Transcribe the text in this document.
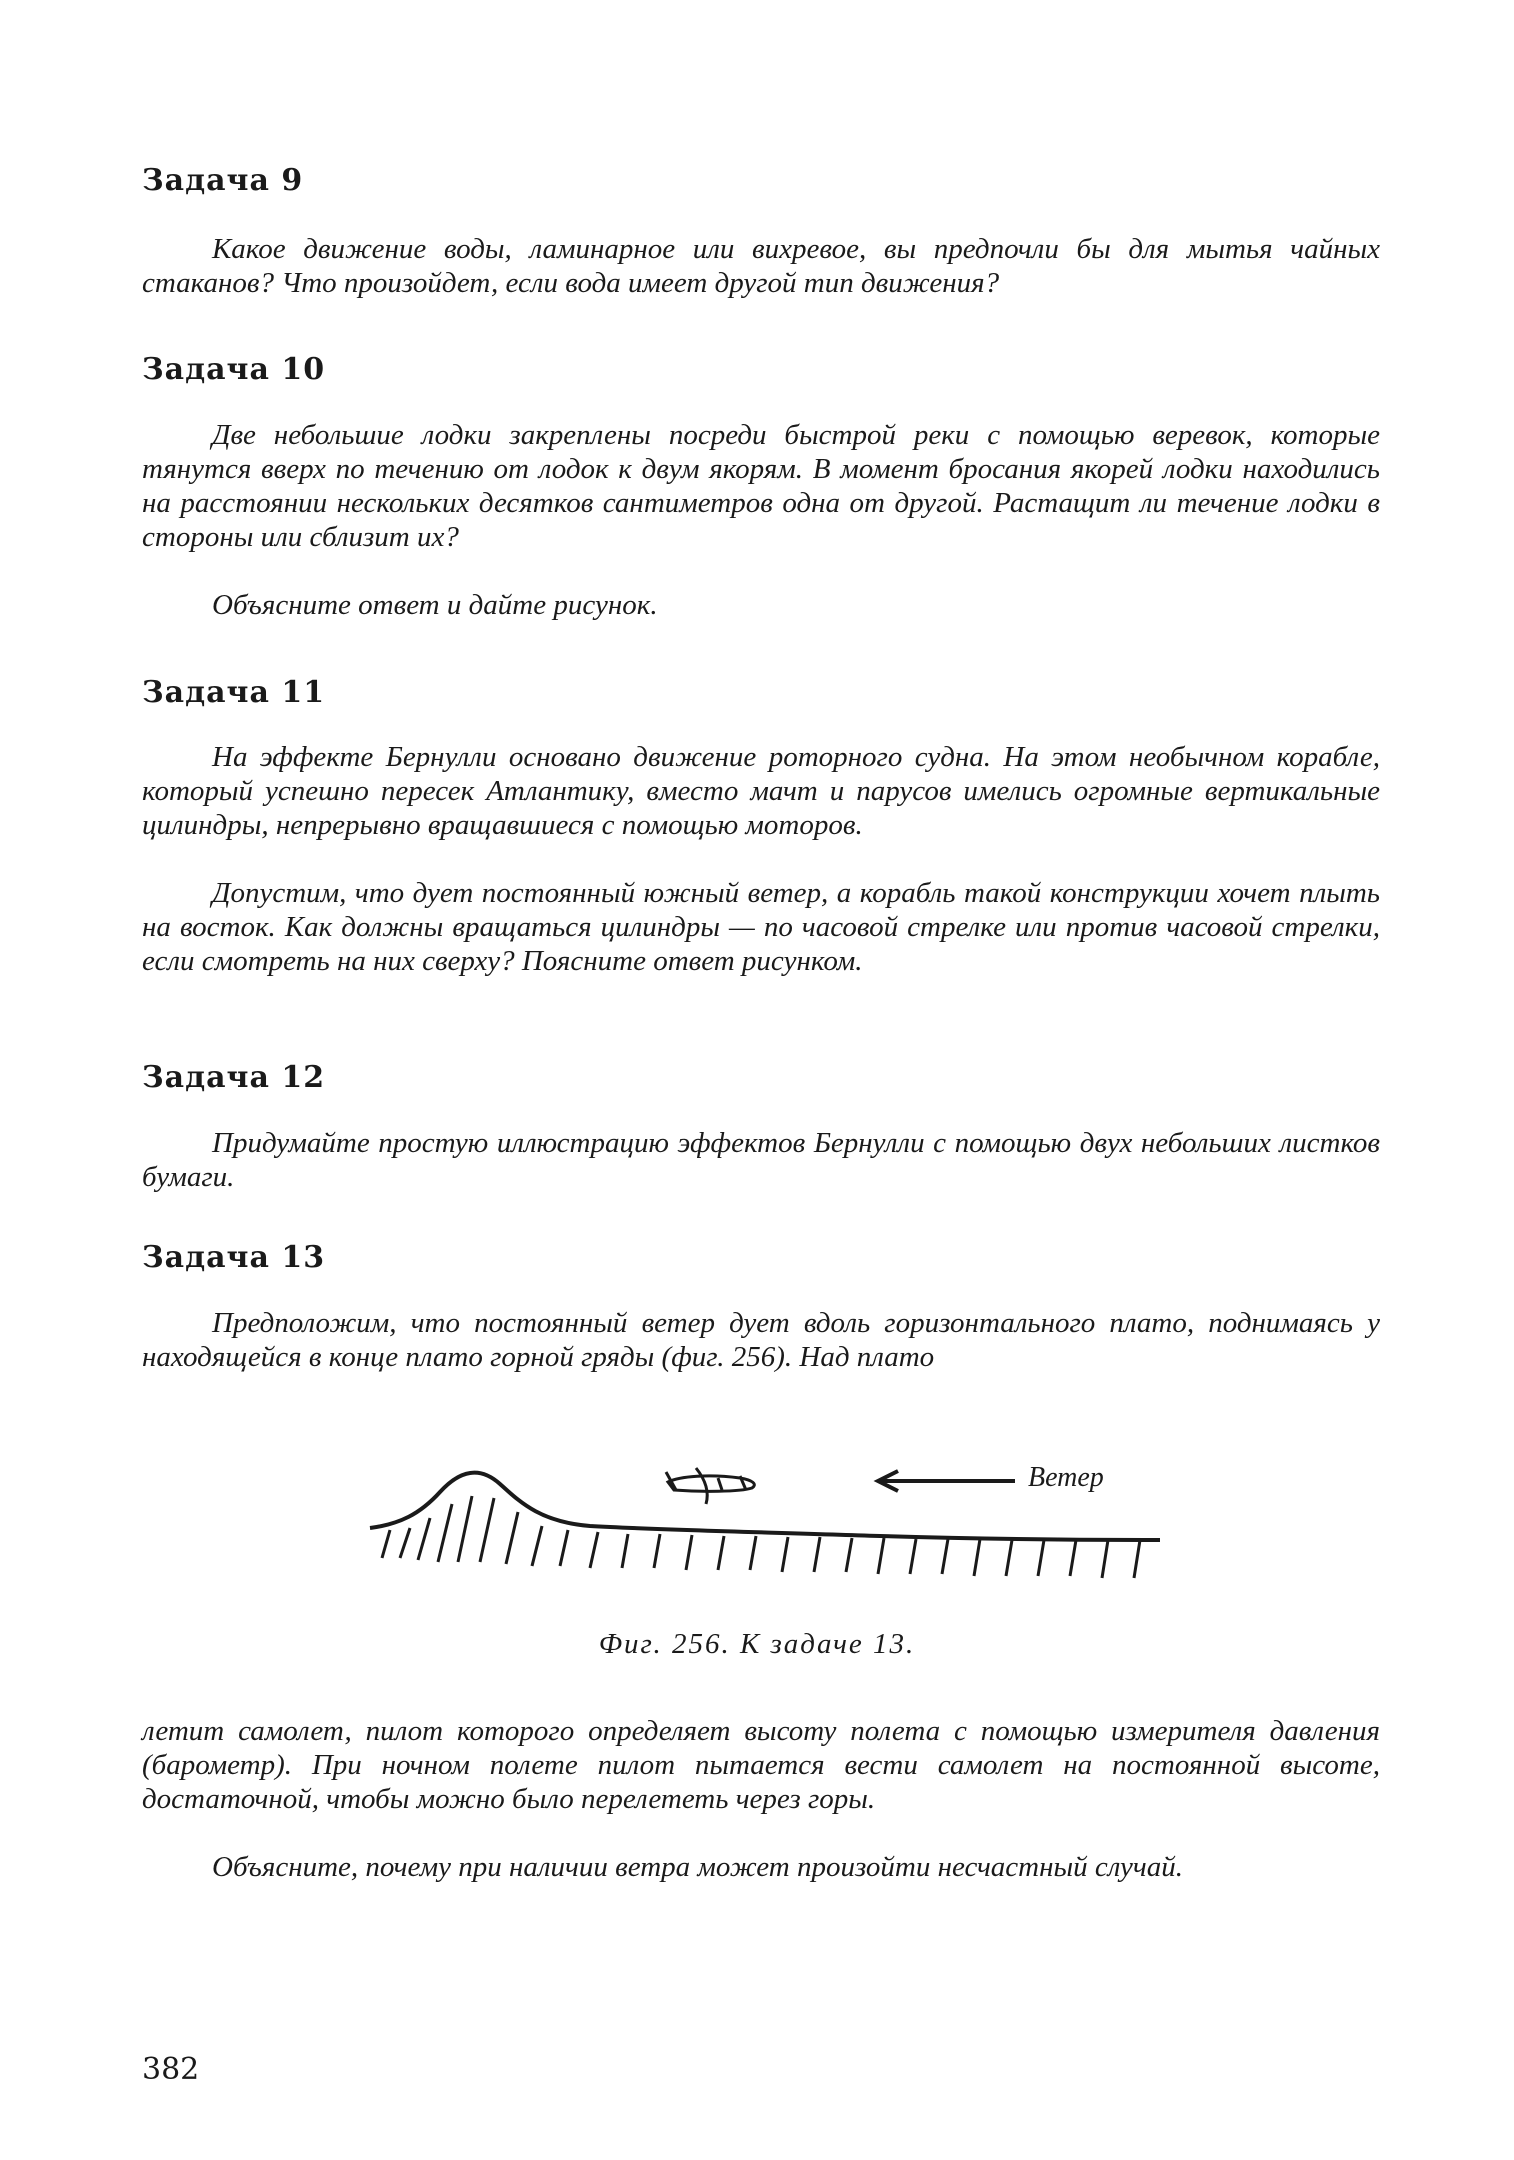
Задача 9

Какое движение воды, ламинарное или вихревое, вы предпочли бы для мытья чайных стаканов? Что произойдет, если вода имеет другой тип движения?

Задача 10

Две небольшие лодки закреплены посреди быстрой реки с помощью веревок, которые тянутся вверх по течению от лодок к двум якорям. В момент бросания якорей лодки находились на расстоянии нескольких десятков сантиметров одна от другой. Растащит ли течение лодки в стороны или сблизит их?

Объясните ответ и дайте рисунок.

Задача 11

На эффекте Бернулли основано движение роторного судна. На этом необычном корабле, который успешно пересек Атлантику, вместо мачт и парусов имелись огромные вертикальные цилиндры, непрерывно вращавшиеся с помощью моторов.

Допустим, что дует постоянный южный ветер, а корабль такой конструкции хочет плыть на восток. Как должны вращаться цилиндры — по часовой стрелке или против часовой стрелки, если смотреть на них сверху? Поясните ответ рисунком.

Задача 12

Придумайте простую иллюстрацию эффектов Бернулли с помощью двух небольших листков бумаги.

Задача 13

Предположим, что постоянный ветер дует вдоль горизонтального плато, поднимаясь у находящейся в конце плато горной гряды (фиг. 256). Над плато

Ветер
Фиг. 256. К задаче 13.

летит самолет, пилот которого определяет высоту полета с помощью измерителя давления (барометр). При ночном полете пилот пытается вести самолет на постоянной высоте, достаточной, чтобы можно было перелететь через горы.

Объясните, почему при наличии ветра может произойти несчастный случай.

382
